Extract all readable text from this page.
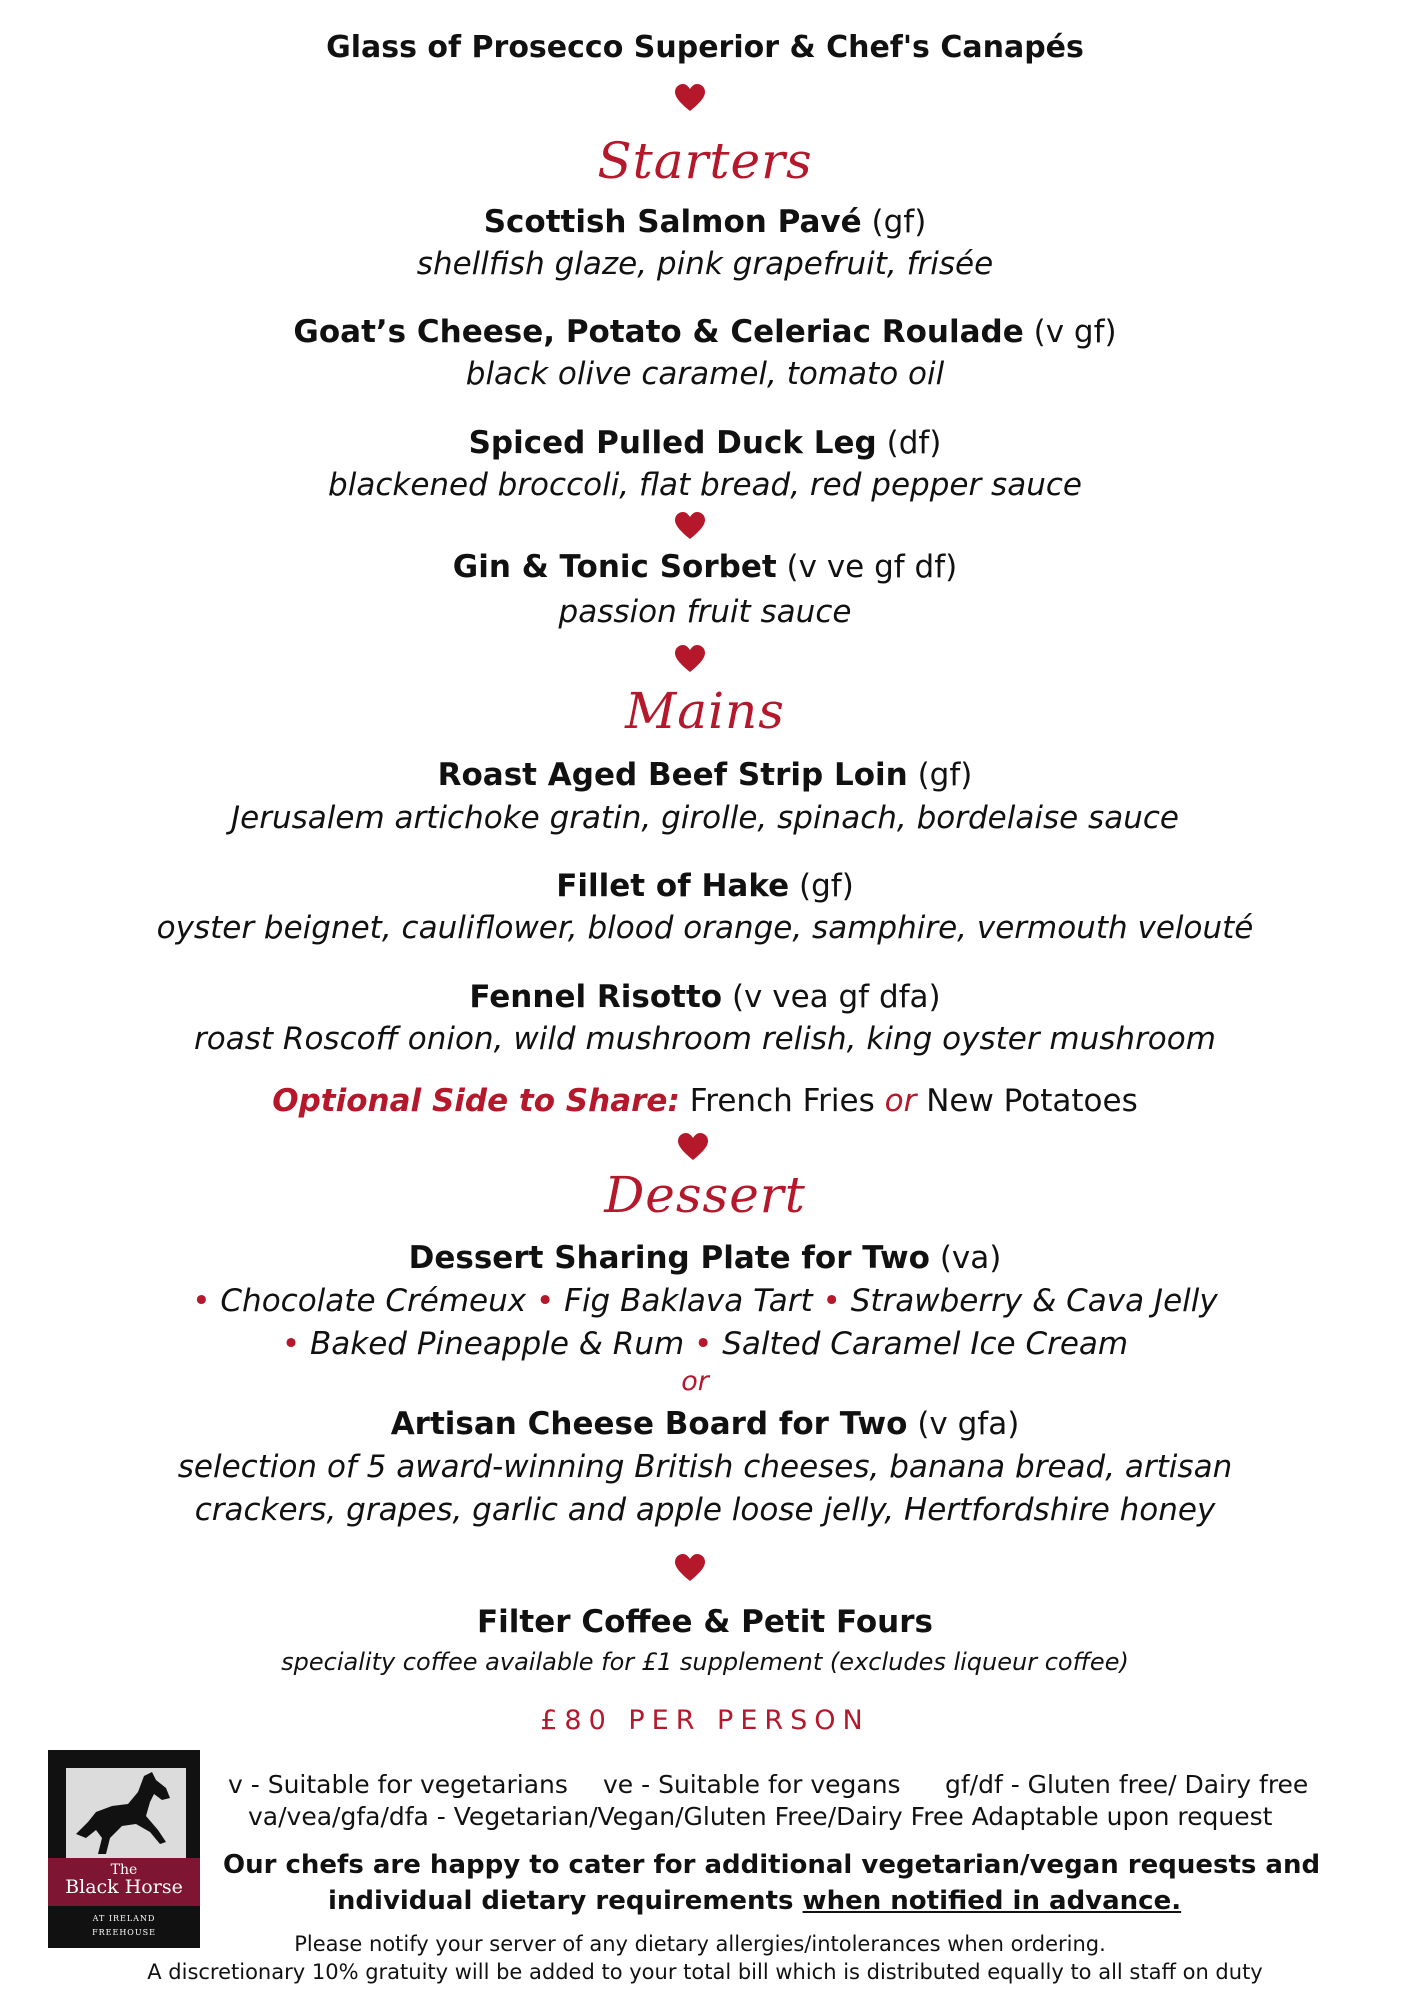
Glass of Prosecco Superior & Chef's Canapés
Starters
Scottish Salmon Pavé (gf)
shellfish glaze, pink grapefruit, frisée
Goat’s Cheese, Potato & Celeriac Roulade (v gf)
black olive caramel, tomato oil
Spiced Pulled Duck Leg (df)
blackened broccoli, flat bread, red pepper sauce
Gin & Tonic Sorbet (v ve gf df)
passion fruit sauce
Mains
Roast Aged Beef Strip Loin (gf)
Jerusalem artichoke gratin, girolle, spinach, bordelaise sauce
Fillet of Hake (gf)
oyster beignet, cauliflower, blood orange, samphire, vermouth velouté
Fennel Risotto (v vea gf dfa)
roast Roscoff onion, wild mushroom relish, king oyster mushroom
Optional Side to Share: French Fries or New Potatoes
Dessert
Dessert Sharing Plate for Two (va)
• Chocolate Crémeux • Fig Baklava Tart • Strawberry & Cava Jelly
• Baked Pineapple & Rum • Salted Caramel Ice Cream
or
Artisan Cheese Board for Two (v gfa)
selection of 5 award-winning British cheeses, banana bread, artisan
crackers, grapes, garlic and apple loose jelly, Hertfordshire honey
Filter Coffee & Petit Fours
speciality coffee available for £1 supplement (excludes liqueur coffee)
£80 PER PERSON
The
Black Horse
AT IRELAND
FREEHOUSE
v - Suitable for vegetarians ve - Suitable for vegans gf/df - Gluten free/ Dairy free
va/vea/gfa/dfa - Vegetarian/Vegan/Gluten Free/Dairy Free Adaptable upon request
Our chefs are happy to cater for additional vegetarian/vegan requests and
individual dietary requirements when notified in advance.
Please notify your server of any dietary allergies/intolerances when ordering.
A discretionary 10% gratuity will be added to your total bill which is distributed equally to all staff on duty
